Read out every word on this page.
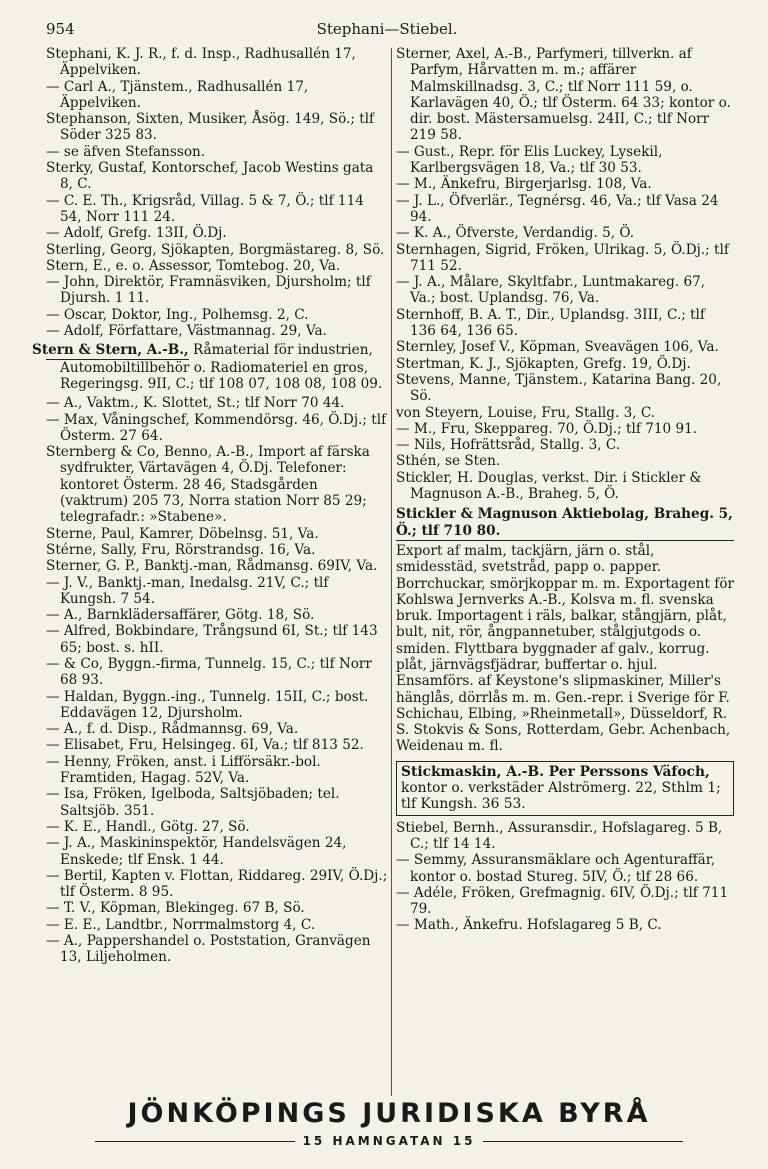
954	Stephani—Stiebel.

Stephani, K. J. R., f. d. Insp., Radhusallén 17, Äppelviken.

— Carl A., Tjänstem., Radhusallén 17, Äppelviken.

Stephanson, Sixten, Musiker, Åsög. 149, Sö.; tlf Söder 325 83.

— se äfven Stefansson.

Sterky, Gustaf, Kontorschef, Jacob Westins gata 8, C.

— C. E. Th., Krigsråd, Villag. 5 & 7, Ö.; tlf 114 54, Norr 111 24.

— Adolf, Grefg. 13II, Ö.Dj.

Sterling, Georg, Sjökapten, Borgmästareg. 8, Sö.

Stern, E., e. o. Assessor, Tomtebog. 20, Va.

— John, Direktör, Framnäsviken, Djursholm; tlf Djursh. 1 11.

— Oscar, Doktor, Ing., Polhemsg. 2, C.

— Adolf, Författare, Västmannag. 29, Va.

Stern & Stern, A.-B., Råmaterial för industrien, Automobiltillbehör o. Radiomateriel en gros, Regeringsg. 9II, C.; tlf 108 07, 108 08, 108 09.

— A., Vaktm., K. Slottet, St.; tlf Norr 70 44.

— Max, Våningschef, Kommendörsg. 46, Ö.Dj.; tlf Österm. 27 64.

Sternberg & Co, Benno, A.-B., Import af färska sydfrukter, Värtavägen 4, Ö.Dj. Telefoner: kontoret Österm. 28 46, Stadsgården (vaktrum) 205 73, Norra station Norr 85 29; telegrafadr.: »Stabene».

Sterne, Paul, Kamrer, Döbelnsg. 51, Va.

Stérne, Sally, Fru, Rörstrandsg. 16, Va.

Sterner, G. P., Banktj.-man, Rådmansg. 69IV, Va.

— J. V., Banktj.-man, Inedalsg. 21V, C.; tlf Kungsh. 7 54.

— A., Barnklädersaffärer, Götg. 18, Sö.

— Alfred, Bokbindare, Trångsund 6I, St.; tlf 143 65; bost. s. hII.

— & Co, Byggn.-firma, Tunnelg. 15, C.; tlf Norr 68 93.

— Haldan, Byggn.-ing., Tunnelg. 15II, C.; bost. Eddavägen 12, Djursholm.

— A., f. d. Disp., Rådmannsg. 69, Va.

— Elisabet, Fru, Helsingeg. 6I, Va.; tlf 813 52.

— Henny, Fröken, anst. i Lifförsäkr.-bol. Framtiden, Hagag. 52V, Va.

— Isa, Fröken, Igelboda, Saltsjöbaden; tel. Saltsjöb. 351.

— K. E., Handl., Götg. 27, Sö.

— J. A., Maskininspektör, Handelsvägen 24, Enskede; tlf Ensk. 1 44.

— Bertil, Kapten v. Flottan, Riddareg. 29IV, Ö.Dj.; tlf Österm. 8 95.

— T. V., Köpman, Blekingeg. 67 B, Sö.

— E. E., Landtbr., Norrmalmstorg 4, C.

— A., Pappershandel o. Poststation, Granvägen 13, Liljeholmen.

Sterner, Axel, A.-B., Parfymeri, tillverkn. af Parfym, Hårvatten m. m.; affärer Malmskillnadsg. 3, C.; tlf Norr 111 59, o. Karlavägen 40, Ö.; tlf Österm. 64 33; kontor o. dir. bost. Mästersamuelsg. 24II, C.; tlf Norr 219 58.

— Gust., Repr. för Elis Luckey, Lysekil, Karlbergsvägen 18, Va.; tlf 30 53.

— M., Änkefru, Birgerjarlsg. 108, Va.

— J. L., Öfverlär., Tegnérsg. 46, Va.; tlf Vasa 24 94.

— K. A., Öfverste, Verdandig. 5, Ö.

Sternhagen, Sigrid, Fröken, Ulrikag. 5, Ö.Dj.; tlf 711 52.

— J. A., Målare, Skyltfabr., Luntmakareg. 67, Va.; bost. Uplandsg. 76, Va.

Sternhoff, B. A. T., Dir., Uplandsg. 3III, C.; tlf 136 64, 136 65.

Sternley, Josef V., Köpman, Sveavägen 106, Va.

Stertman, K. J., Sjökapten, Grefg. 19, Ö.Dj.

Stevens, Manne, Tjänstem., Katarina Bang. 20, Sö.

von Steyern, Louise, Fru, Stallg. 3, C.

— M., Fru, Skeppareg. 70, Ö.Dj.; tlf 710 91.

— Nils, Hofrättsråd, Stallg. 3, C.

Sthén, se Sten.

Stickler, H. Douglas, verkst. Dir. i Stickler & Magnuson A.-B., Braheg. 5, Ö.

Stickler & Magnuson Aktiebolag, Braheg. 5, Ö.; tlf 710 80.
Export af malm, tackjärn, järn o. stål, smidesstäd, svetstråd, papp o. papper. Borrchuckar, smörjkoppar m. m. Exportagent för Kohlswa Jernverks A.-B., Kolsva m. fl. svenska bruk. Importagent i räls, balkar, stångjärn, plåt, bult, nit, rör, ångpannetuber, stålgjutgods o. smiden. Flyttbara byggnader af galv., korrug. plåt, järnvägsfjädrar, buffertar o. hjul. Ensamförs. af Keystone's slipmaskiner, Miller's hänglås, dörrlås m. m. Gen.-repr. i Sverige för F. Schichau, Elbing, »Rheinmetall», Düsseldorf, R. S. Stokvis & Sons, Rotterdam, Gebr. Achenbach, Weidenau m. fl.
Stickmaskin, A.-B. Per Perssons Väfoch, kontor o. verkstäder Alströmerg. 22, Sthlm 1; tlf Kungsh. 36 53.

Stiebel, Bernh., Assuransdir., Hofslagareg. 5 B, C.; tlf 14 14.

— Semmy, Assuransmäklare och Agenturaffär, kontor o. bostad Stureg. 5IV, Ö.; tlf 28 66.

— Adéle, Fröken, Grefmagnig. 6IV, Ö.Dj.; tlf 711 79.

— Math., Änkefru. Hofslagareg 5 B, C.

JÖNKÖPINGS JURIDISKA BYRÅ
15 HAMNGATAN 15
